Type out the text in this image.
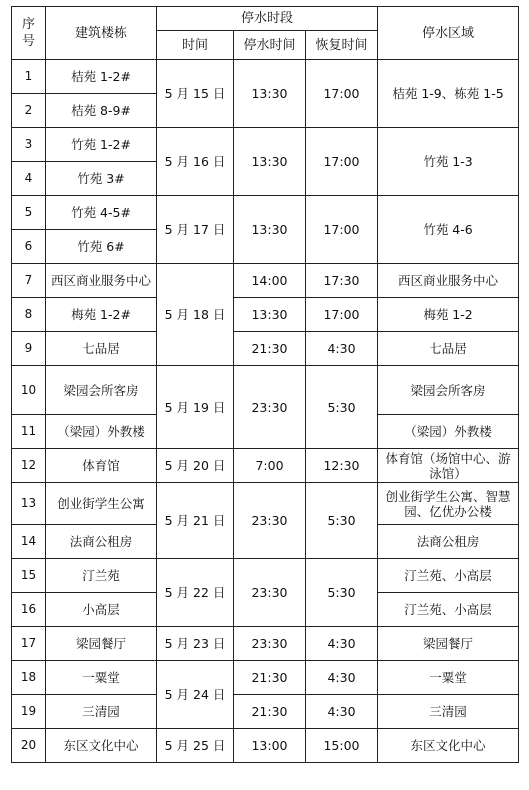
序号	建筑楼栋	停水时段			停水区域
		时间	停水时间	恢复时间	
1	桔苑 1-2#	5 月 15 日	13:30	17:00	桔苑 1-9、栋苑 1-5
2	桔苑 8-9#				
3	竹苑 1-2#	5 月 16 日	13:30	17:00	竹苑 1-3
4	竹苑 3#				
5	竹苑 4-5#	5 月 17 日	13:30	17:00	竹苑 4-6
6	竹苑 6#				
7	西区商业服务中心	5 月 18 日	14:00	17:30	西区商业服务中心
8	梅苑 1-2#		13:30	17:00	梅苑 1-2
9	七品居		21:30	4:30	七品居
10	梁园会所客房	5 月 19 日	23:30	5:30	梁园会所客房
11	（梁园）外教楼				（梁园）外教楼
12	体育馆	5 月 20 日	7:00	12:30	体育馆（场馆中心、游泳馆）
13	创业街学生公寓	5 月 21 日	23:30	5:30	创业街学生公寓、智慧园、亿优办公楼
14	法商公租房				法商公租房
15	汀兰苑	5 月 22 日	23:30	5:30	汀兰苑、小高层
16	小高层				汀兰苑、小高层
17	梁园餐厅	5 月 23 日	23:30	4:30	梁园餐厅
18	一粟堂	5 月 24 日	21:30	4:30	一粟堂
19	三清园		21:30	4:30	三清园
20	东区文化中心	5 月 25 日	13:00	15:00	东区文化中心
